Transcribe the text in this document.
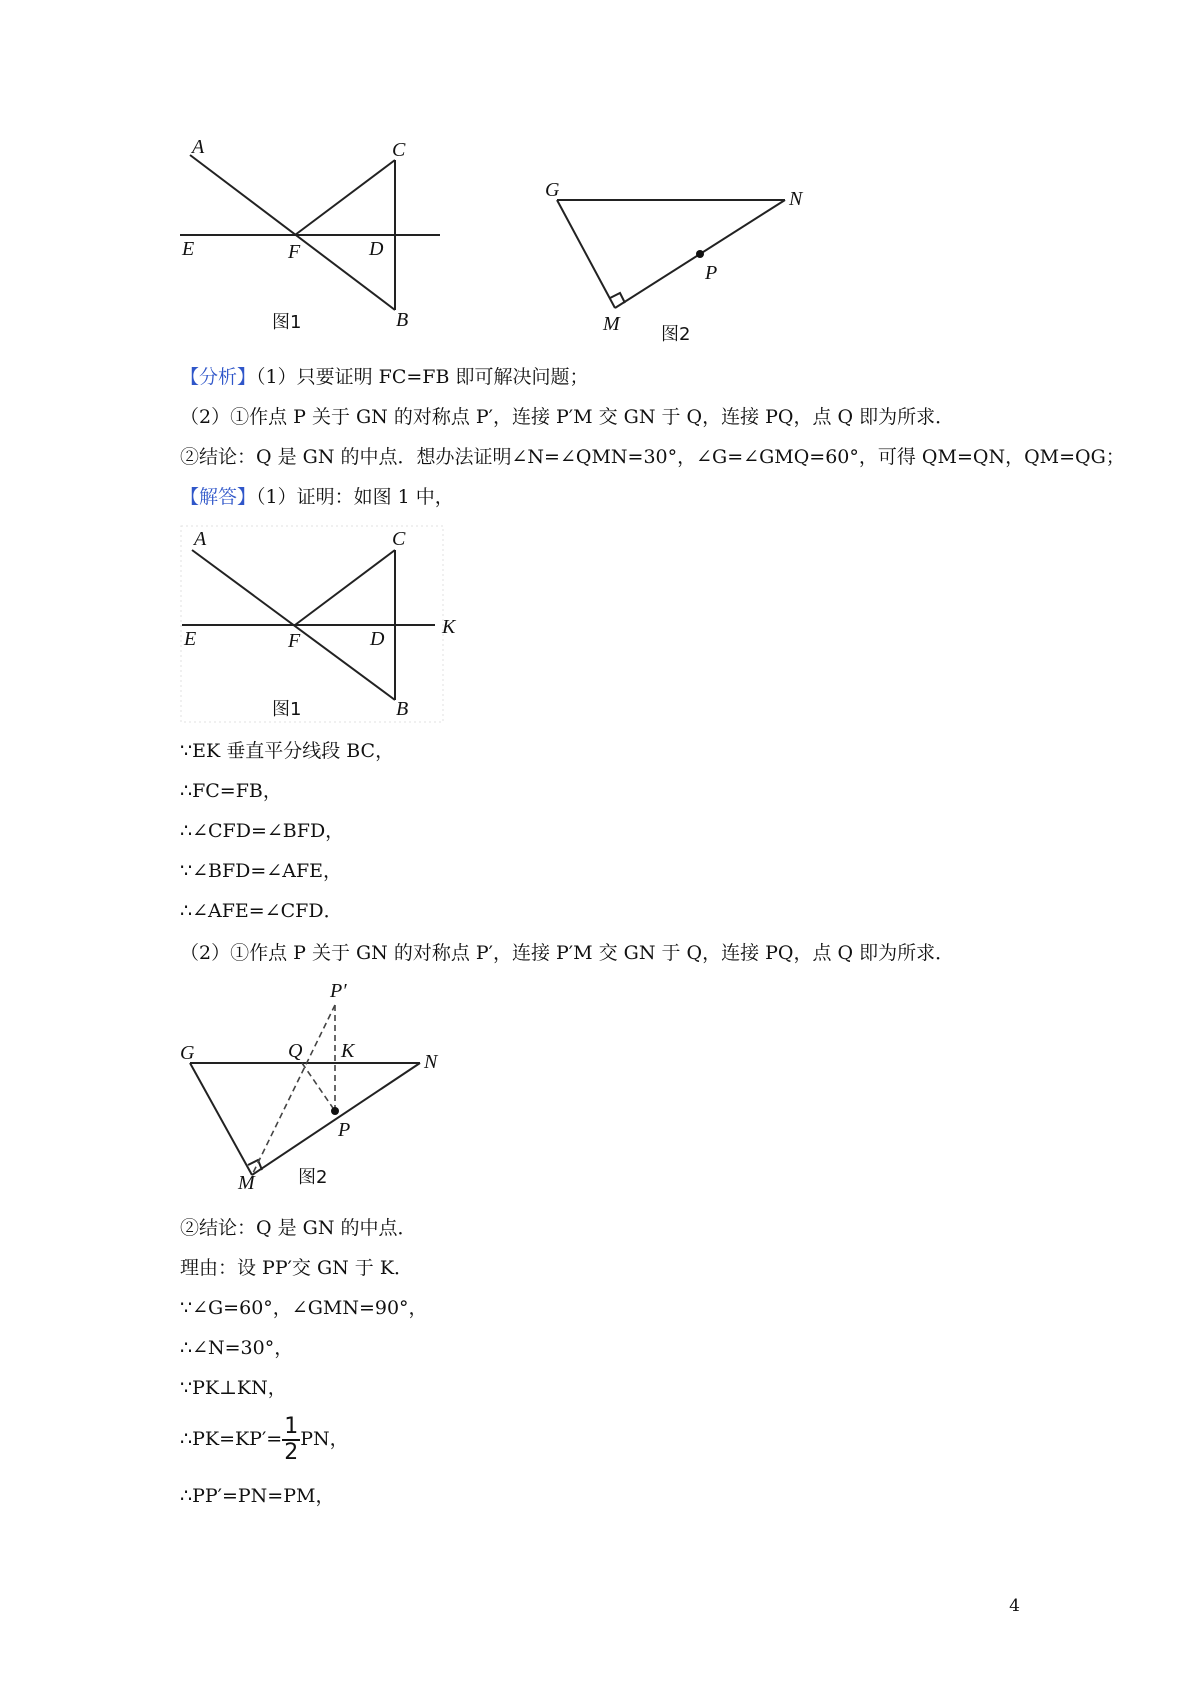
A	C
E	F	D
B
图1
G	N
P
M 图2
【分析】（1）只要证明 FC=FB 即可解决问题；
（2）①作点 P 关于 GN 的对称点 P′，连接 P′M 交 GN 于 Q，连接 PQ，点 Q 即为所求．
②结论：Q 是 GN 的中点．想办法证明∠N=∠QMN=30°，∠G=∠GMQ=60°，可得 QM=QN，QM=QG；
【解答】（1）证明：如图 1 中，
A	C
E	F	D
K
B
图1
∵EK 垂直平分线段 BC，
∴FC=FB，
∴∠CFD=∠BFD，
∵∠BFD=∠AFE，
∴∠AFE=∠CFD．
（2）①作点 P 关于 GN 的对称点 P′，连接 P′M 交 GN 于 Q，连接 PQ，点 Q 即为所求．
P′
G	Q K	N
P
M 图2
②结论：Q 是 GN 的中点．
理由：设 PP′交 GN 于 K．
∵∠G=60°，∠GMN=90°，
∴∠N=30°，
∵PK⊥KN，
∴PK=KP′= $\frac{1}{2}$ PN，
∴PP′=PN=PM，
4
